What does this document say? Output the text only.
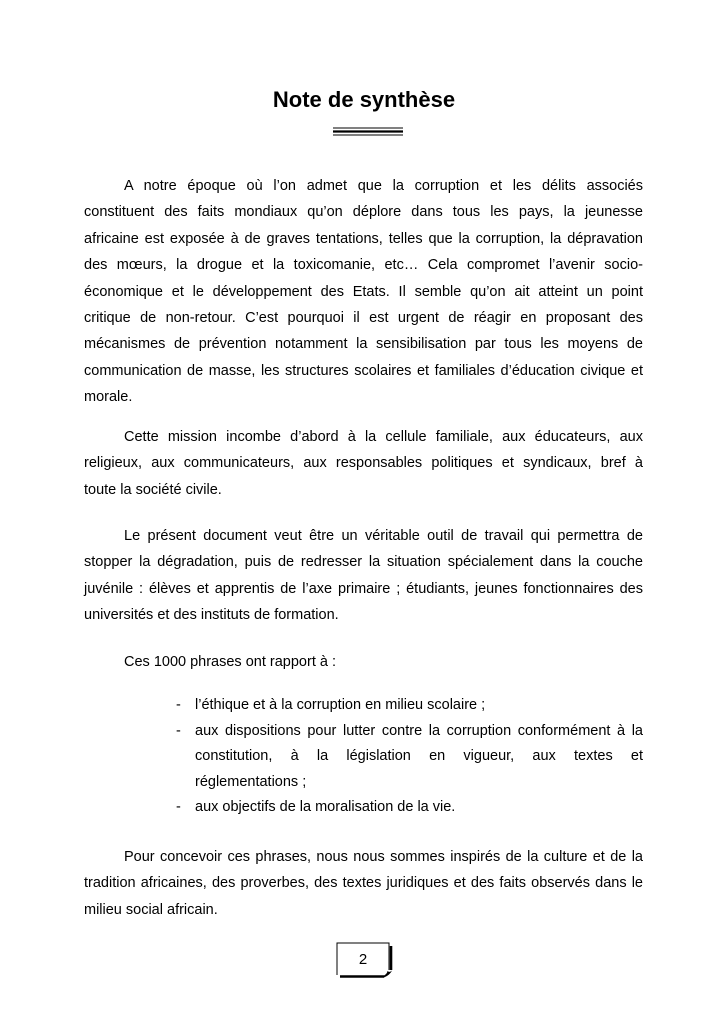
Note de synthèse
A notre époque où l’on admet que la corruption et les délits associés
constituent des faits mondiaux qu’on déplore dans tous les pays, la jeunesse
africaine est exposée à de graves tentations, telles que la corruption, la dépravation
des mœurs, la drogue et la toxicomanie, etc… Cela compromet l’avenir socio-
économique et le développement des Etats. Il semble qu’on ait atteint un point
critique de non-retour. C’est pourquoi il est urgent de réagir en proposant des
mécanismes de prévention notamment la sensibilisation par tous les moyens de
communication de masse, les structures scolaires et familiales d’éducation civique et
morale.
Cette mission incombe d’abord à la cellule familiale, aux éducateurs, aux
religieux, aux communicateurs, aux responsables politiques et syndicaux, bref à
toute la société civile.
Le présent document veut être un véritable outil de travail qui permettra de
stopper la dégradation, puis de redresser la situation spécialement dans la couche
juvénile : élèves et apprentis de l’axe primaire ; étudiants, jeunes fonctionnaires des
universités et des instituts de formation.
Ces 1000 phrases ont rapport à :
- l’éthique et à la corruption en milieu scolaire ;
- aux dispositions pour lutter contre la corruption conformément à la
constitution, à la législation en vigueur, aux textes et
réglementations ;
- aux objectifs de la moralisation de la vie.
Pour concevoir ces phrases, nous nous sommes inspirés de la culture et de la
tradition africaines, des proverbes, des textes juridiques et des faits observés dans le
milieu social africain.
2
